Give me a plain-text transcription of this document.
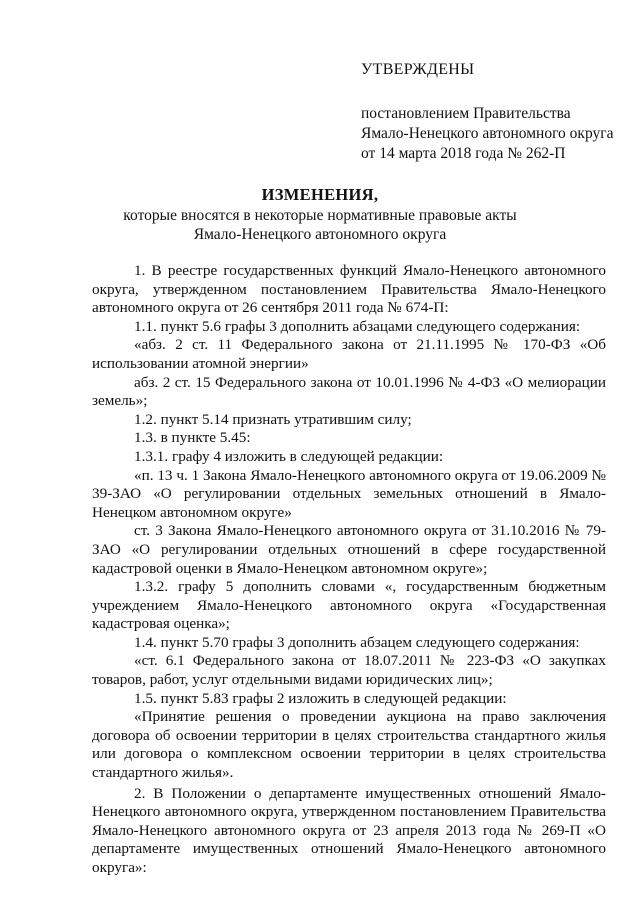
УТВЕРЖДЕНЫ
постановлением Правительства
Ямало-Ненецкого автономного округа
от 14 марта 2018 года № 262-П
ИЗМЕНЕНИЯ,
которые вносятся в некоторые нормативные правовые акты
Ямало-Ненецкого автономного округа
1. В реестре государственных функций Ямало-Ненецкого автономного округа, утвержденном постановлением Правительства Ямало-Ненецкого автономного округа от 26 сентября 2011 года № 674-П:
1.1. пункт 5.6 графы 3 дополнить абзацами следующего содержания:
«абз. 2 ст. 11 Федерального закона от 21.11.1995 № 170-ФЗ «Об использовании атомной энергии»
абз. 2 ст. 15 Федерального закона от 10.01.1996 № 4-ФЗ «О мелиорации земель»;
1.2. пункт 5.14 признать утратившим силу;
1.3. в пункте 5.45:
1.3.1. графу 4 изложить в следующей редакции:
«п. 13 ч. 1 Закона Ямало-Ненецкого автономного округа от 19.06.2009 № 39-ЗАО «О регулировании отдельных земельных отношений в Ямало-Ненецком автономном округе»
ст. 3 Закона Ямало-Ненецкого автономного округа от 31.10.2016 № 79-ЗАО «О регулировании отдельных отношений в сфере государственной кадастровой оценки в Ямало-Ненецком автономном округе»;
1.3.2. графу 5 дополнить словами «, государственным бюджетным учреждением Ямало-Ненецкого автономного округа «Государственная кадастровая оценка»;
1.4. пункт 5.70 графы 3 дополнить абзацем следующего содержания:
«ст. 6.1 Федерального закона от 18.07.2011 № 223-ФЗ «О закупках товаров, работ, услуг отдельными видами юридических лиц»;
1.5. пункт 5.83 графы 2 изложить в следующей редакции:
«Принятие решения о проведении аукциона на право заключения договора об освоении территории в целях строительства стандартного жилья или договора о комплексном освоении территории в целях строительства стандартного жилья».
2. В Положении о департаменте имущественных отношений Ямало-Ненецкого автономного округа, утвержденном постановлением Правительства Ямало-Ненецкого автономного округа от 23 апреля 2013 года № 269-П «О департаменте имущественных отношений Ямало-Ненецкого автономного округа»:
